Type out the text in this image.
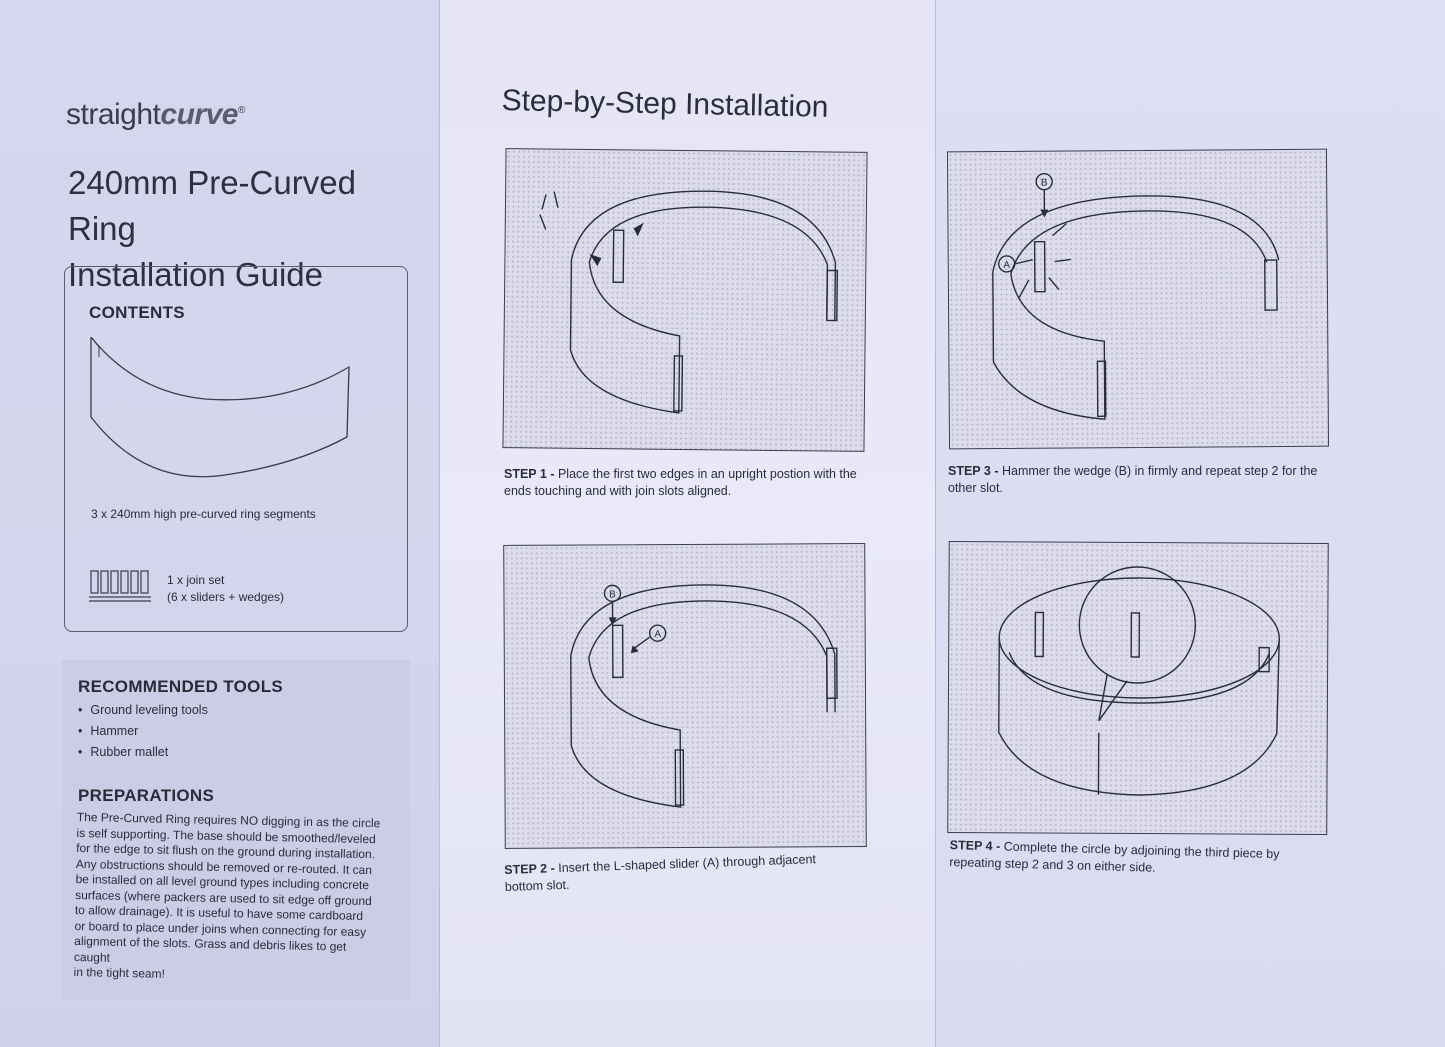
straightcurve®
240mm Pre-Curved Ring
Installation Guide
CONTENTS
3 x 240mm high pre-curved ring segments
1 x join set
(6 x sliders + wedges)
RECOMMENDED TOOLS
• Ground leveling tools
• Hammer
• Rubber mallet
PREPARATIONS
The Pre-Curved Ring requires NO digging in as the circle
is self supporting. The base should be smoothed/leveled
for the edge to sit flush on the ground during installation.
Any obstructions should be removed or re-routed. It can
be installed on all level ground types including concrete
surfaces (where packers are used to sit edge off ground
to allow drainage). It is useful to have some cardboard
or board to place under joins when connecting for easy
alignment of the slots. Grass and debris likes to get caught
in the tight seam!
Step-by-Step Installation
STEP 1 - Place the first two edges in an upright postion with the
ends touching and with join slots aligned.
B
A
STEP 2 - Insert the L-shaped slider (A) through adjacent
bottom slot.
B
A
STEP 3 - Hammer the wedge (B) in firmly and repeat step 2 for the
other slot.
STEP 4 - Complete the circle by adjoining the third piece by
repeating step 2 and 3 on either side.
